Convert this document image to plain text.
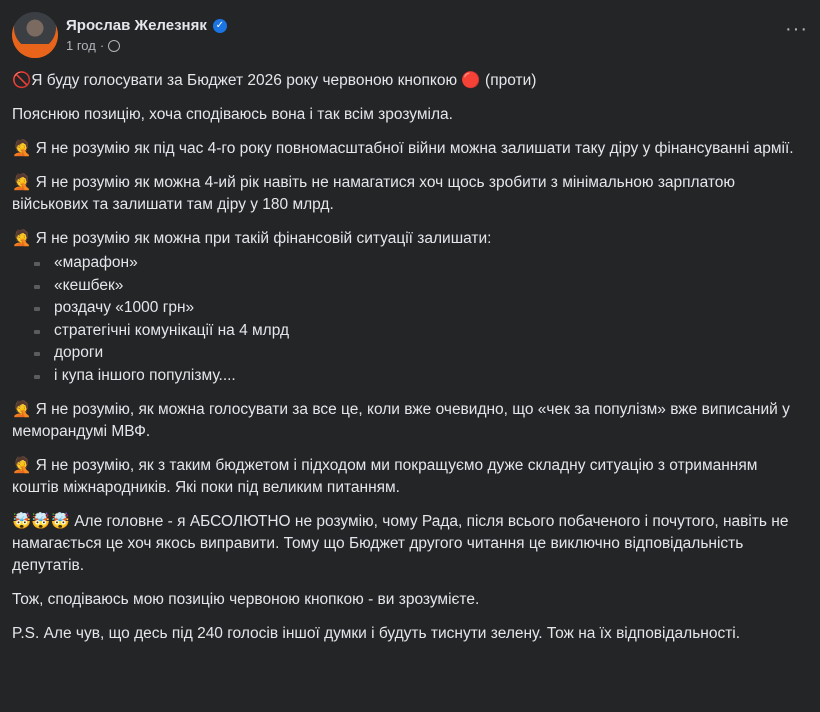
Ярослав Железняк ✓
1 год ·
···

🚫Я буду голосувати за Бюджет 2026 року червоною кнопкою 🔴 (проти)

Пояснюю позицію, хоча сподіваюсь вона і так всім зрозуміла.

🤦 Я не розумію як під час 4-го року повномасштабної війни можна залишати таку діру у фінансуванні армії.

🤦 Я не розумію як можна 4-ий рік навіть не намагатися хоч щось зробити з мінімальною зарплатою військових та залишати там діру у 180 млрд.

🤦 Я не розумію як можна при такій фінансовій ситуації залишати:

«марафон»
«кешбек»
роздачу «1000 грн»
стратегічні комунікації на 4 млрд
дороги
і купа іншого популізму....

🤦 Я не розумію, як можна голосувати за все це, коли вже очевидно, що «чек за популізм» вже виписаний у меморандумі МВФ.

🤦 Я не розумію, як з таким бюджетом і підходом ми покращуємо дуже складну ситуацію з отриманням коштів міжнародників. Які поки під великим питанням.

🤯🤯🤯 Але головне - я АБСОЛЮТНО не розумію, чому Рада, після всього побаченого і почутого, навіть не намагається це хоч якось виправити. Тому що Бюджет другого читання це виключно відповідальність депутатів.

Тож, сподіваюсь мою позицію червоною кнопкою - ви зрозумієте.

P.S. Але чув, що десь під 240 голосів іншої думки і будуть тиснути зелену. Тож на їх відповідальності.
